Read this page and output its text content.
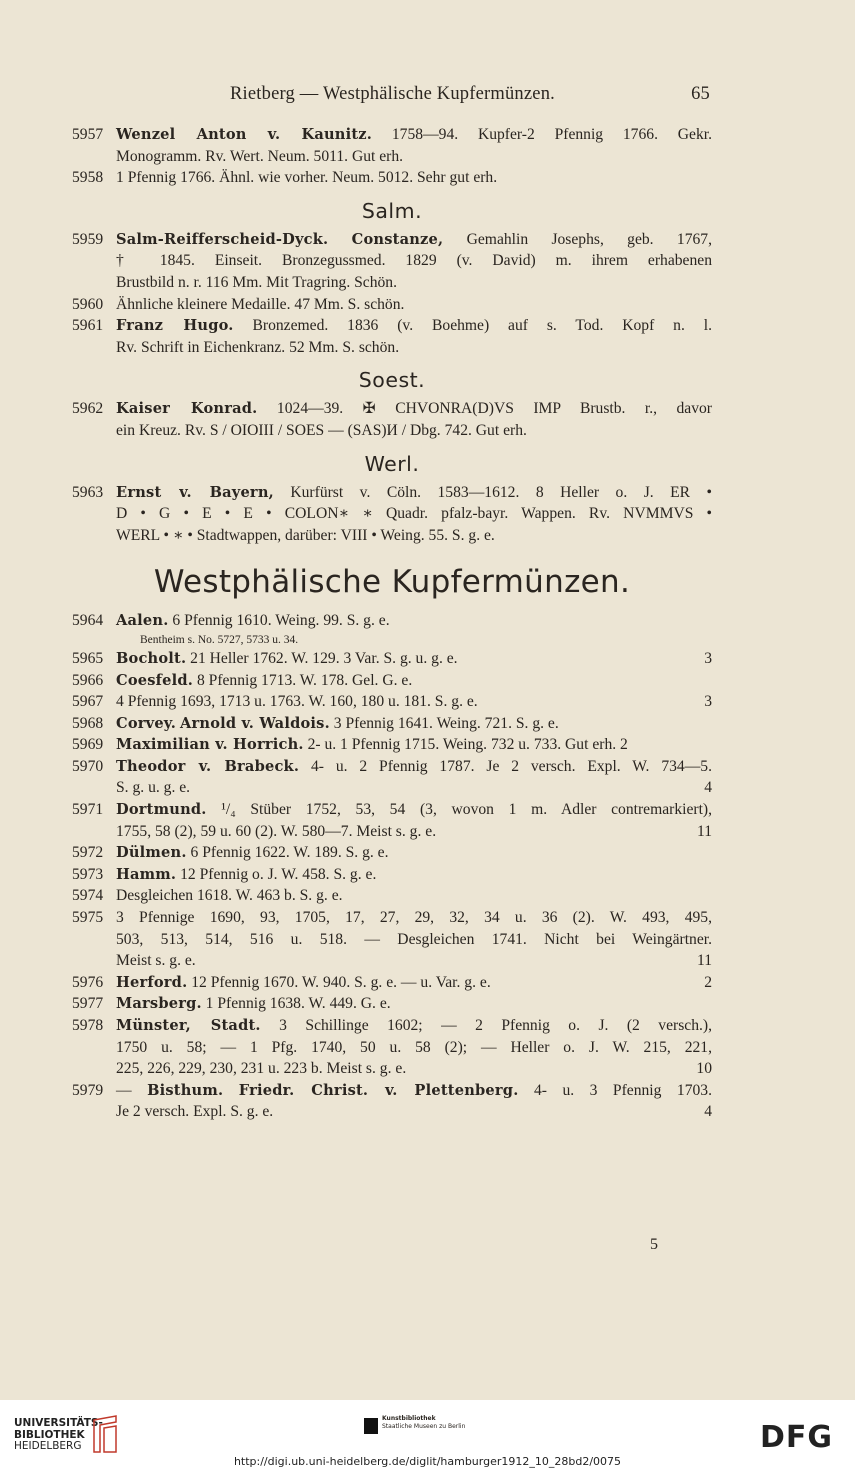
Rietberg — Westphälische Kupfermünzen.	65
5957 Wenzel Anton v. Kaunitz. 1758—94. Kupfer-2 Pfennig 1766. Gekr.
Monogramm. Rv. Wert. Neum. 5011. Gut erh.
5958 1 Pfennig 1766. Ähnl. wie vorher. Neum. 5012. Sehr gut erh.
Salm.
5959 Salm-Reifferscheid-Dyck. Constanze, Gemahlin Josephs, geb. 1767,
† 1845. Einseit. Bronzegussmed. 1829 (v. David) m. ihrem erhabenen
Brustbild n. r. 116 Mm. Mit Tragring. Schön.
5960 Ähnliche kleinere Medaille. 47 Mm. S. schön.
5961 Franz Hugo. Bronzemed. 1836 (v. Boehme) auf s. Tod. Kopf n. l.
Rv. Schrift in Eichenkranz. 52 Mm. S. schön.
Soest.
5962 Kaiser Konrad. 1024—39. ✠ CHVONRA(D)VS IMP Brustb. r., davor
ein Kreuz. Rv. S / OIOIII / SOES — (SAS)И / Dbg. 742. Gut erh.
Werl.
5963 Ernst v. Bayern, Kurfürst v. Cöln. 1583—1612. 8 Heller o. J. ER •
D • G • E • E • COLON∗ ∗ Quadr. pfalz-bayr. Wappen. Rv. NVMMVS •
WERL • ∗ • Stadtwappen, darüber: VIII • Weing. 55. S. g. e.
Westphälische Kupfermünzen.
5964 Aalen. 6 Pfennig 1610. Weing. 99. S. g. e.
Bentheim s. No. 5727, 5733 u. 34.
5965 Bocholt. 21 Heller 1762. W. 129. 3 Var. S. g. u. g. e.	3
5966 Coesfeld. 8 Pfennig 1713. W. 178. Gel. G. e.
5967 4 Pfennig 1693, 1713 u. 1763. W. 160, 180 u. 181. S. g. e.	3
5968 Corvey. Arnold v. Waldois. 3 Pfennig 1641. Weing. 721. S. g. e.
5969 Maximilian v. Horrich. 2- u. 1 Pfennig 1715. Weing. 732 u. 733. Gut erh. 2
5970 Theodor v. Brabeck. 4- u. 2 Pfennig 1787. Je 2 versch. Expl. W. 734—5.
S. g. u. g. e.	4
5971 Dortmund. ¹/₄ Stüber 1752, 53, 54 (3, wovon 1 m. Adler contremarkiert),
1755, 58 (2), 59 u. 60 (2). W. 580—7. Meist s. g. e.	11
5972 Dülmen. 6 Pfennig 1622. W. 189. S. g. e.
5973 Hamm. 12 Pfennig o. J. W. 458. S. g. e.
5974 Desgleichen 1618. W. 463 b. S. g. e.
5975 3 Pfennige 1690, 93, 1705, 17, 27, 29, 32, 34 u. 36 (2). W. 493, 495,
503, 513, 514, 516 u. 518. — Desgleichen 1741. Nicht bei Weingärtner.
Meist s. g. e.	11
5976 Herford. 12 Pfennig 1670. W. 940. S. g. e. — u. Var. g. e.	2
5977 Marsberg. 1 Pfennig 1638. W. 449. G. e.
5978 Münster, Stadt. 3 Schillinge 1602; — 2 Pfennig o. J. (2 versch.),
1750 u. 58; — 1 Pfg. 1740, 50 u. 58 (2); — Heller o. J. W. 215, 221,
225, 226, 229, 230, 231 u. 223 b. Meist s. g. e.	10
5979 — Bisthum. Friedr. Christ. v. Plettenberg. 4- u. 3 Pfennig 1703.
Je 2 versch. Expl. S. g. e.	4
5
UNIVERSITÄTS-
BIBLIOTHEK
HEIDELBERG
Kunstbibliothek
Staatliche Museen zu Berlin	DFG
http://digi.ub.uni-heidelberg.de/diglit/hamburger1912_10_28bd2/0075
